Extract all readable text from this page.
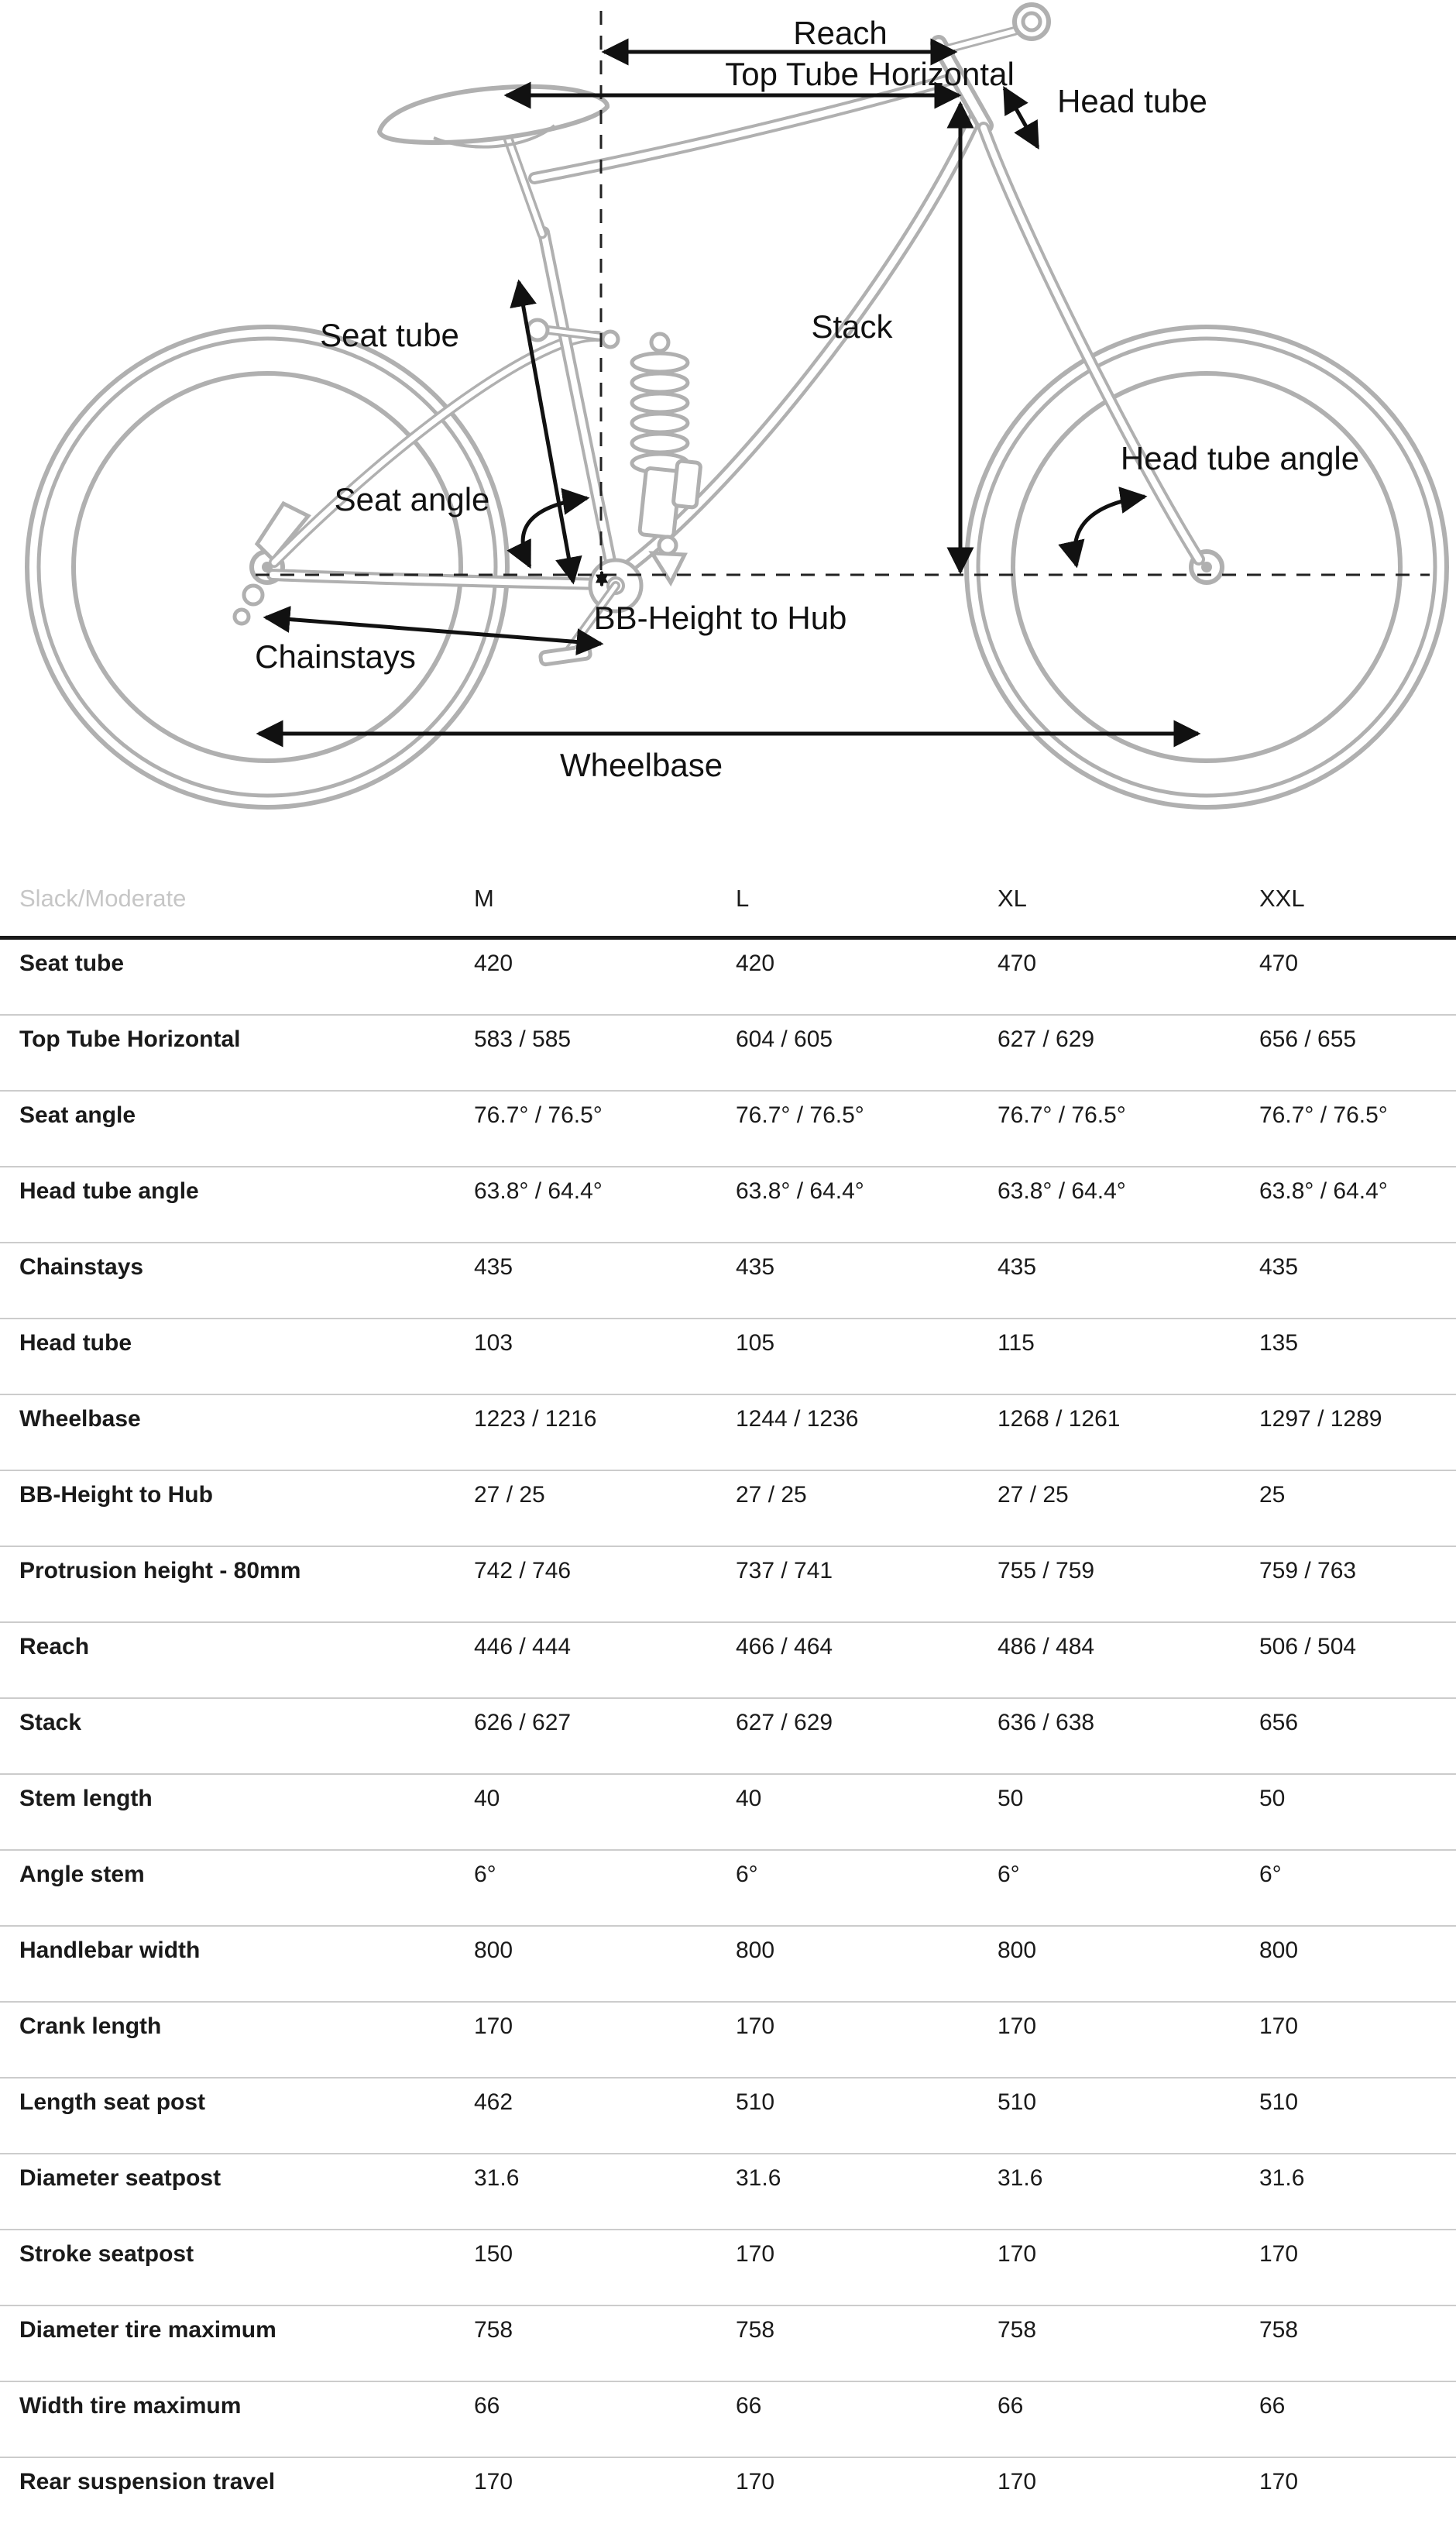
Reach
Top Tube Horizontal
Head tube
Seat tube	Stack
Seat angle
Head tube angle
BB-Height to Hub
Chainstays
Wheelbase
Slack/Moderate	M	L	XL	XXL
Seat tube	420	420	470	470
Top Tube Horizontal	583 / 585	604 / 605	627 / 629	656 / 655
Seat angle	76.7° / 76.5°	76.7° / 76.5°	76.7° / 76.5°	76.7° / 76.5°
Head tube angle	63.8° / 64.4°	63.8° / 64.4°	63.8° / 64.4°	63.8° / 64.4°
Chainstays	435	435	435	435
Head tube	103	105	115	135
Wheelbase	1223 / 1216	1244 / 1236	1268 / 1261	1297 / 1289
BB-Height to Hub	27 / 25	27 / 25	27 / 25	25
Protrusion height - 80mm	742 / 746	737 / 741	755 / 759	759 / 763
Reach	446 / 444	466 / 464	486 / 484	506 / 504
Stack	626 / 627	627 / 629	636 / 638	656
Stem length	40	40	50	50
Angle stem	6°	6°	6°	6°
Handlebar width	800	800	800	800
Crank length	170	170	170	170
Length seat post	462	510	510	510
Diameter seatpost	31.6	31.6	31.6	31.6
Stroke seatpost	150	170	170	170
Diameter tire maximum	758	758	758	758
Width tire maximum	66	66	66	66
Rear suspension travel	170	170	170	170
